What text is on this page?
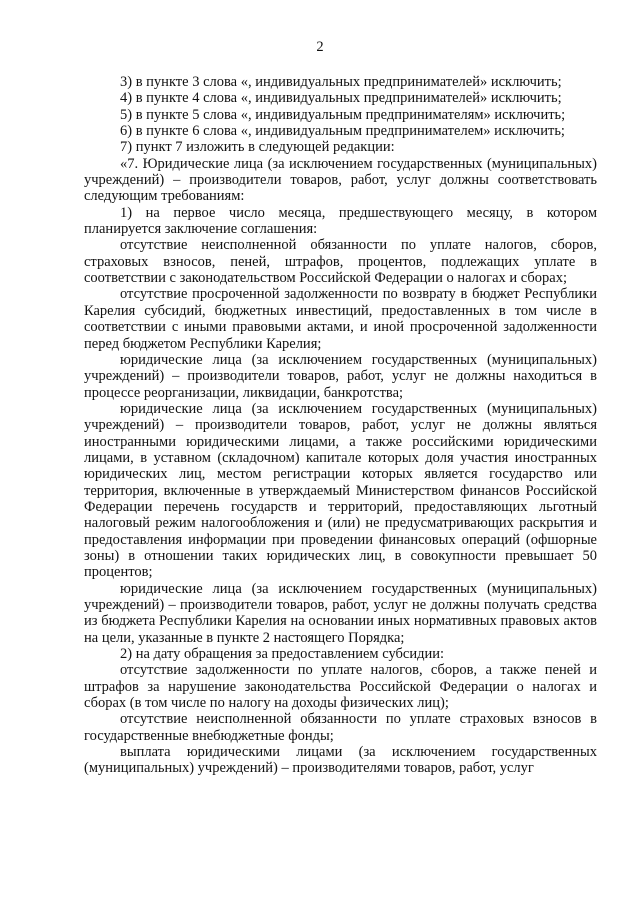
2

3) в пункте 3 слова «, индивидуальных предпринимателей» исключить;

4) в пункте 4 слова «, индивидуальных предпринимателей» исключить;

5) в пункте 5 слова «, индивидуальным предпринимателям» исключить;

6) в пункте 6 слова «, индивидуальным предпринимателем» исключить;

7) пункт 7 изложить в следующей редакции:

«7. Юридические лица (за исключением государственных (муниципальных) учреждений) – производители товаров, работ, услуг должны соответствовать следующим требованиям:

1) на первое число месяца, предшествующего месяцу, в котором планируется заключение соглашения:

отсутствие неисполненной обязанности по уплате налогов, сборов, страховых взносов, пеней, штрафов, процентов, подлежащих уплате в соответствии с законодательством Российской Федерации о налогах и сборах;

отсутствие просроченной задолженности по возврату в бюджет Республики Карелия субсидий, бюджетных инвестиций, предоставленных в том числе в соответствии с иными правовыми актами, и иной просроченной задолженности перед бюджетом Республики Карелия;

юридические лица (за исключением государственных (муниципальных) учреждений) – производители товаров, работ, услуг не должны находиться в процессе реорганизации, ликвидации, банкротства;

юридические лица (за исключением государственных (муниципальных) учреждений) – производители товаров, работ, услуг не должны являться иностранными юридическими лицами, а также российскими юридическими лицами, в уставном (складочном) капитале которых доля участия иностранных юридических лиц, местом регистрации которых является государство или территория, включенные в утверждаемый Министерством финансов Российской Федерации перечень государств и территорий, предоставляющих льготный налоговый режим налогообложения и (или) не предусматривающих раскрытия и предоставления информации при проведении финансовых операций (офшорные зоны) в отношении таких юридических лиц, в совокупности превышает 50 процентов;

юридические лица (за исключением государственных (муниципальных) учреждений) – производители товаров, работ, услуг не должны получать средства из бюджета Республики Карелия на основании иных нормативных правовых актов на цели, указанные в пункте 2 настоящего Порядка;

2) на дату обращения за предоставлением субсидии:

отсутствие задолженности по уплате налогов, сборов, а также пеней и штрафов за нарушение законодательства Российской Федерации о налогах и сборах (в том числе по налогу на доходы физических лиц);

отсутствие неисполненной обязанности по уплате страховых взносов в государственные внебюджетные фонды;

выплата юридическими лицами (за исключением государственных (муниципальных) учреждений) – производителями товаров, работ, услуг
